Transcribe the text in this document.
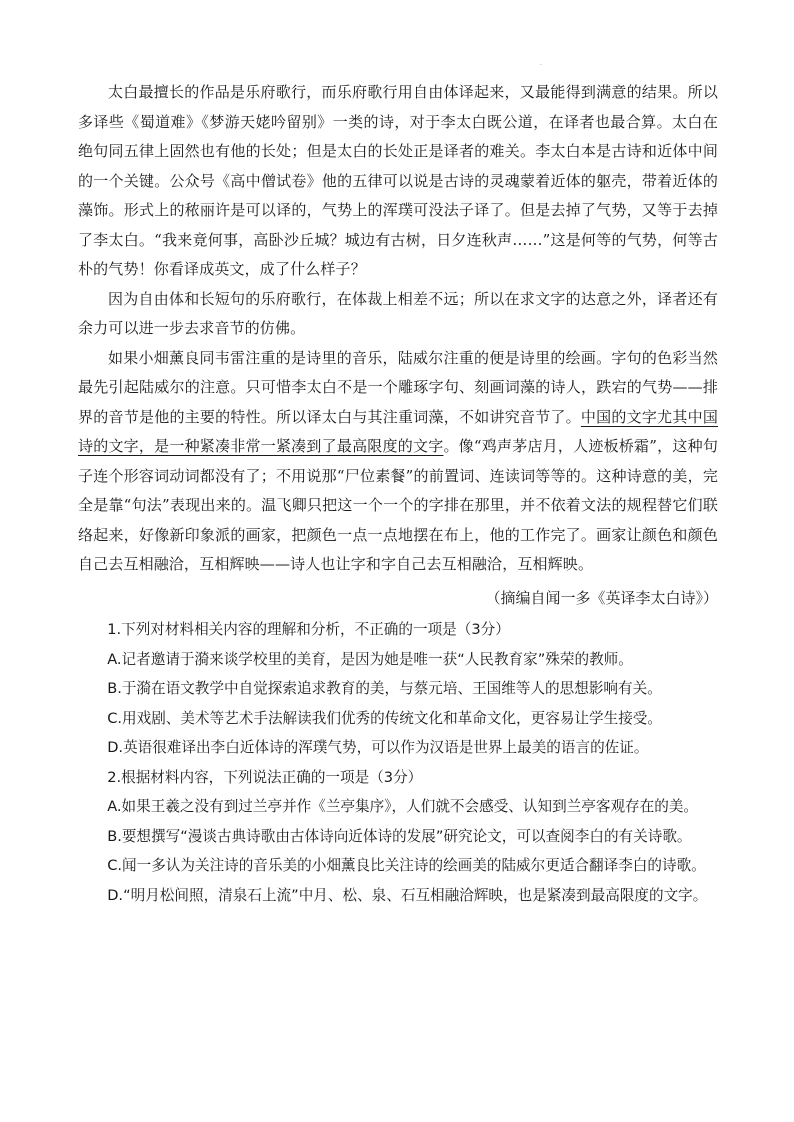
·

太白最擅长的作品是乐府歌行，而乐府歌行用自由体译起来，又最能得到满意的结果。所以多译些《蜀道难》《梦游天姥吟留别》一类的诗，对于李太白既公道，在译者也最合算。太白在绝句同五律上固然也有他的长处；但是太白的长处正是译者的难关。李太白本是古诗和近体中间的一个关键。公众号《高中僧试卷》他的五律可以说是古诗的灵魂蒙着近体的躯壳，带着近体的藻饰。形式上的秾丽许是可以译的，气势上的浑璞可没法子译了。但是去掉了气势，又等于去掉了李太白。“我来竟何事，高卧沙丘城？城边有古树，日夕连秋声……”这是何等的气势，何等古朴的气势！你看译成英文，成了什么样子？

因为自由体和长短句的乐府歌行，在体裁上相差不远；所以在求文字的达意之外，译者还有余力可以进一步去求音节的仿佛。

如果小畑薰良同韦雷注重的是诗里的音乐，陆威尔注重的便是诗里的绘画。字句的色彩当然最先引起陆威尔的注意。只可惜李太白不是一个雕琢字句、刻画词藻的诗人，跌宕的气势——排界的音节是他的主要的特性。所以译太白与其注重词藻，不如讲究音节了。中国的文字尤其中国诗的文字，是一种紧凑非常一紧凑到了最高限度的文字。像“鸡声茅店月，人迹板桥霜”，这种句子连个形容词动词都没有了；不用说那“尸位素餐”的前置词、连读词等等的。这种诗意的美，完全是靠“句法”表现出来的。温飞卿只把这一个一个的字排在那里，并不依着文法的规程替它们联络起来，好像新印象派的画家，把颜色一点一点地摆在布上，他的工作完了。画家让颜色和颜色自己去互相融洽，互相辉映——诗人也让字和字自己去互相融洽，互相辉映。

（摘编自闻一多《英译李太白诗》）

1.下列对材料相关内容的理解和分析，不正确的一项是（3分）

A.记者邀请于漪来谈学校里的美育，是因为她是唯一获“人民教育家”殊荣的教师。

B.于漪在语文教学中自觉探索追求教育的美，与蔡元培、王国维等人的思想影响有关。

C.用戏剧、美术等艺术手法解读我们优秀的传统文化和革命文化，更容易让学生接受。

D.英语很难译出李白近体诗的浑璞气势，可以作为汉语是世界上最美的语言的佐证。

2.根据材料内容，下列说法正确的一项是（3分）

A.如果王羲之没有到过兰亭并作《兰亭集序》，人们就不会感受、认知到兰亭客观存在的美。

B.要想撰写“漫谈古典诗歌由古体诗向近体诗的发展”研究论文，可以查阅李白的有关诗歌。

C.闻一多认为关注诗的音乐美的小畑薰良比关注诗的绘画美的陆威尔更适合翻译李白的诗歌。

D.“明月松间照，清泉石上流”中月、松、泉、石互相融洽辉映，也是紧凑到最高限度的文字。
